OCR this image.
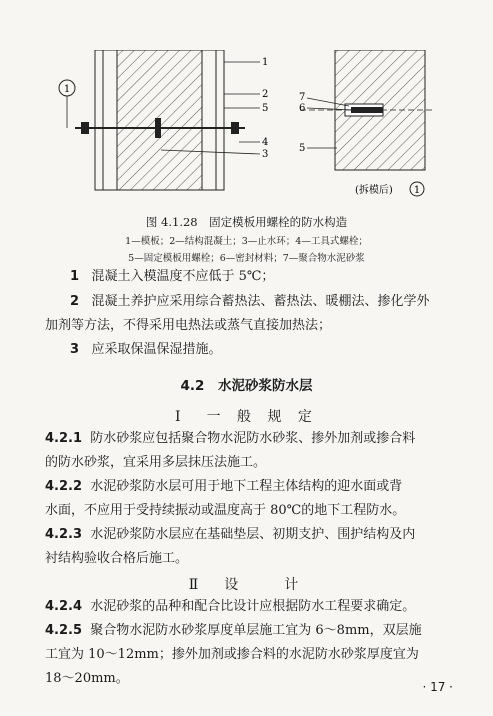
1
1
2
5
4
3
7
6
5
(拆模后) 1
图 4.1.28　固定模板用螺栓的防水构造
1—模板；2—结构混凝土；3—止水环；4—工具式螺栓；
5—固定模板用螺栓；6—密封材料；7—聚合物水泥砂浆
1 混凝土入模温度不应低于 5℃；
2 混凝土养护应采用综合蓄热法、蓄热法、暖棚法、掺化学外
加剂等方法，不得采用电热法或蒸气直接加热法；
3 应采取保温保湿措施。
4.2　水泥砂浆防水层
Ⅰ　一 般 规 定
4.2.1 防水砂浆应包括聚合物水泥防水砂浆、掺外加剂或掺合料
的防水砂浆，宜采用多层抹压法施工。
4.2.2 水泥砂浆防水层可用于地下工程主体结构的迎水面或背
水面，不应用于受持续振动或温度高于 80℃的地下工程防水。
4.2.3 水泥砂浆防水层应在基础垫层、初期支护、围护结构及内
衬结构验收合格后施工。
Ⅱ　设　　计
4.2.4 水泥砂浆的品种和配合比设计应根据防水工程要求确定。
4.2.5 聚合物水泥防水砂浆厚度单层施工宜为 6～8mm，双层施
工宜为 10～12mm；掺外加剂或掺合料的水泥防水砂浆厚度宜为
18～20mm。
· 17 ·
